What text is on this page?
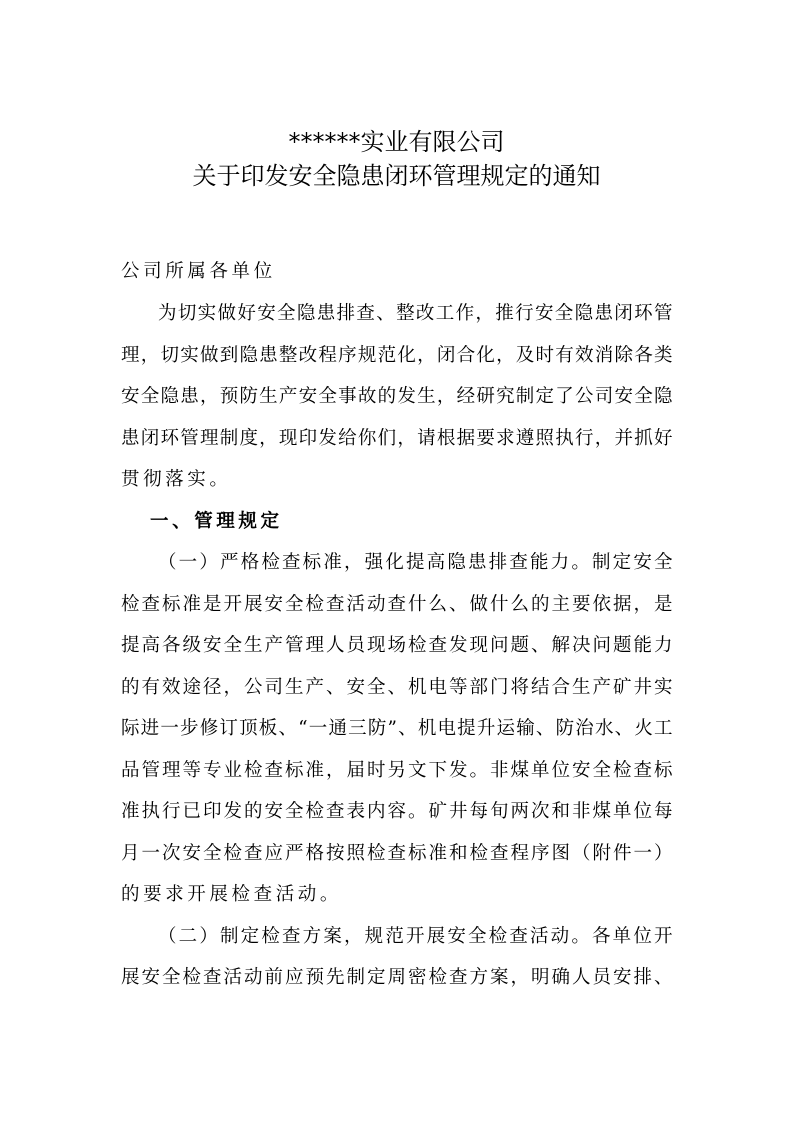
******实业有限公司
关于印发安全隐患闭环管理规定的通知
公司所属各单位
为切实做好安全隐患排查、整改工作，推行安全隐患闭环管
理，切实做到隐患整改程序规范化，闭合化，及时有效消除各类
安全隐患，预防生产安全事故的发生，经研究制定了公司安全隐
患闭环管理制度，现印发给你们，请根据要求遵照执行，并抓好
贯彻落实。
一、管理规定
（一）严格检查标准，强化提高隐患排查能力。制定安全
检查标准是开展安全检查活动查什么、做什么的主要依据，是
提高各级安全生产管理人员现场检查发现问题、解决问题能力
的有效途径，公司生产、安全、机电等部门将结合生产矿井实
际进一步修订顶板、“一通三防”、机电提升运输、防治水、火工
品管理等专业检查标准，届时另文下发。非煤单位安全检查标
准执行已印发的安全检查表内容。矿井每旬两次和非煤单位每
月一次安全检查应严格按照检查标准和检查程序图（附件一）
的要求开展检查活动。
（二）制定检查方案，规范开展安全检查活动。各单位开
展安全检查活动前应预先制定周密检查方案，明确人员安排、
